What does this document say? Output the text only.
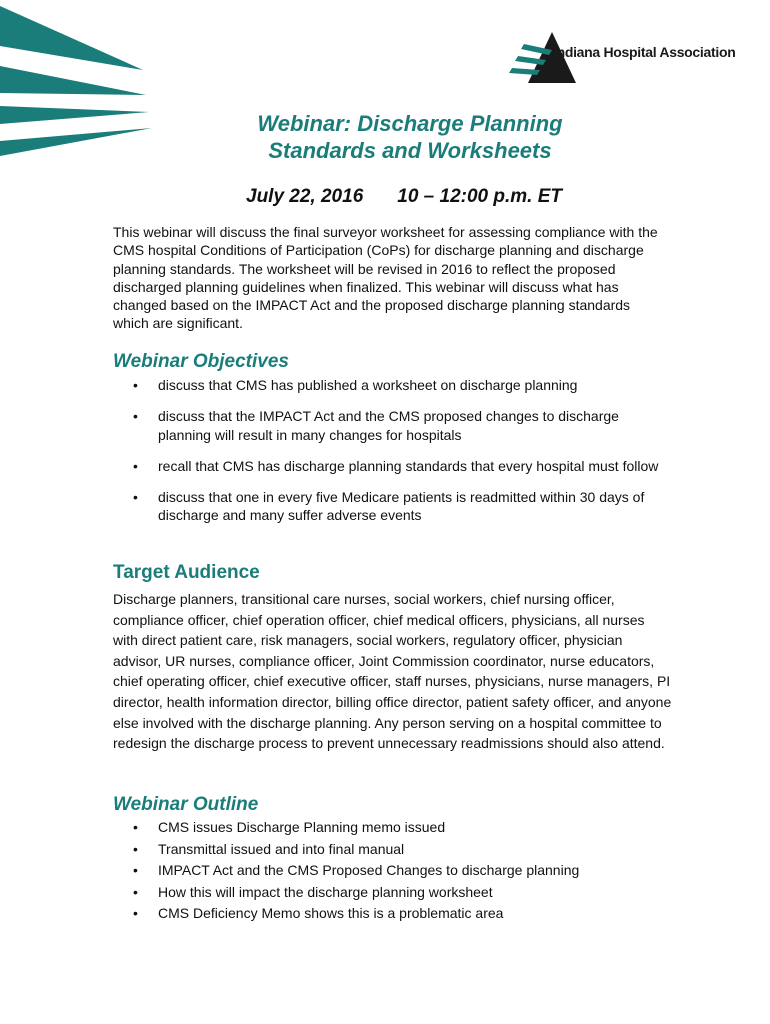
Indiana Hospital Association
Webinar: Discharge Planning
Standards and Worksheets
July 22, 2016 10 – 12:00 p.m. ET
This webinar will discuss the final surveyor worksheet for assessing compliance with the CMS hospital Conditions of Participation (CoPs) for discharge planning and discharge planning standards. The worksheet will be revised in 2016 to reflect the proposed discharged planning guidelines when finalized. This webinar will discuss what has changed based on the IMPACT Act and the proposed discharge planning standards which are significant.
Webinar Objectives
• discuss that CMS has published a worksheet on discharge planning
• discuss that the IMPACT Act and the CMS proposed changes to discharge planning will result in many changes for hospitals
• recall that CMS has discharge planning standards that every hospital must follow
• discuss that one in every five Medicare patients is readmitted within 30 days of discharge and many suffer adverse events
Target Audience
Discharge planners, transitional care nurses, social workers, chief nursing officer, compliance officer, chief operation officer, chief medical officers, physicians, all nurses with direct patient care, risk managers, social workers, regulatory officer, physician advisor, UR nurses, compliance officer, Joint Commission coordinator, nurse educators, chief operating officer, chief executive officer, staff nurses, physicians, nurse managers, PI director, health information director, billing office director, patient safety officer, and anyone else involved with the discharge planning. Any person serving on a hospital committee to redesign the discharge process to prevent unnecessary readmissions should also attend.
Webinar Outline
• CMS issues Discharge Planning memo issued
• Transmittal issued and into final manual
• IMPACT Act and the CMS Proposed Changes to discharge planning
• How this will impact the discharge planning worksheet
• CMS Deficiency Memo shows this is a problematic area
